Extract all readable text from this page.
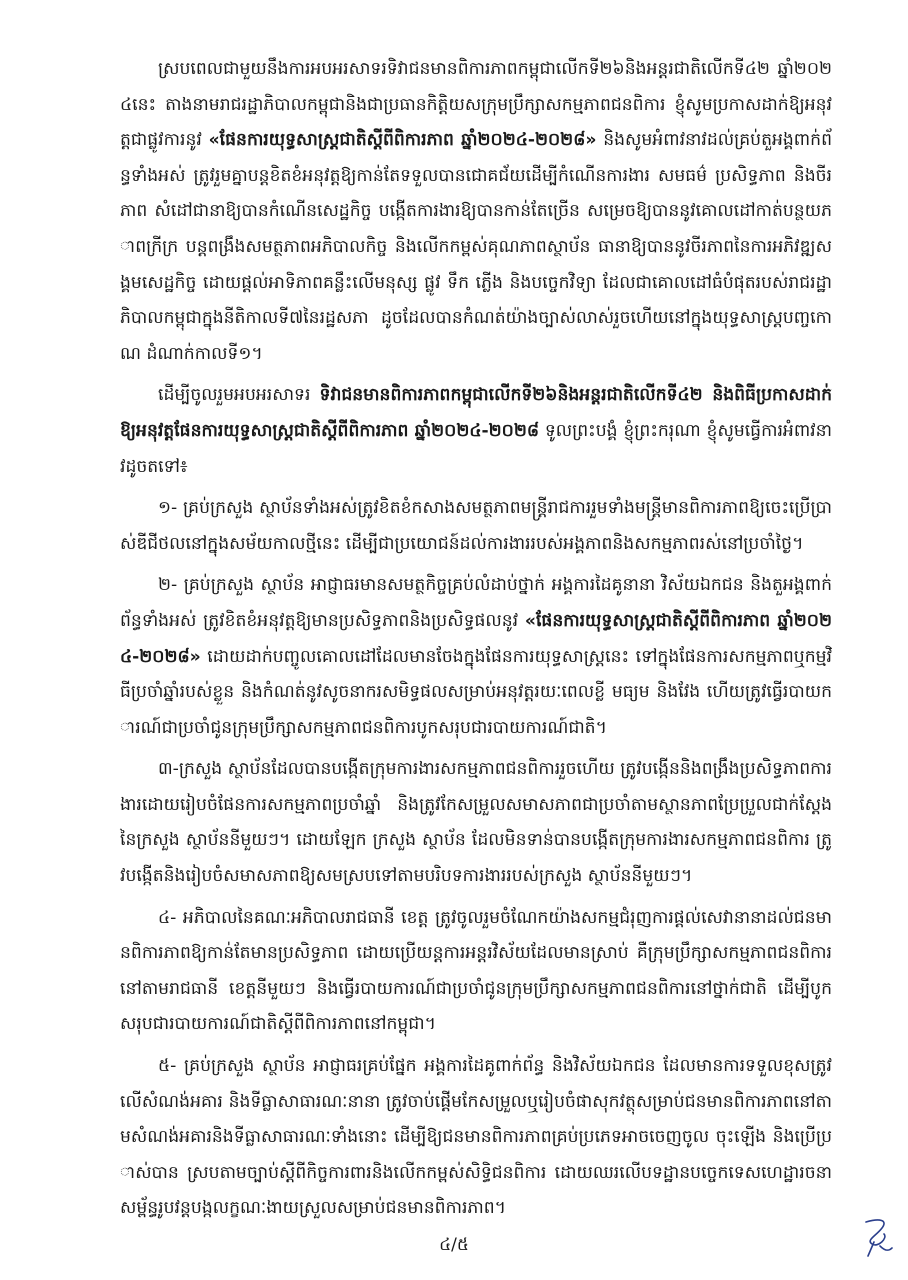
ស្របពេលជាមួយនឹងការអបអរសាទរទិវាជនមានពិការភាពកម្ពុជាលើកទី២៦និងអន្តរជាតិលើកទី៤២ ឆ្នាំ២០២៤នេះ តាងនាមរាជរដ្ឋាភិបាលកម្ពុជានិងជាប្រធានកិត្តិយសក្រុមប្រឹក្សាសកម្មភាពជនពិការ ខ្ញុំសូមប្រកាសដាក់ឱ្យអនុវត្តជាផ្លូវការនូវ «ផែនការយុទ្ធសាស្ត្រជាតិស្តីពីពិការភាព ឆ្នាំ២០២៤-២០២៨» និងសូមអំពាវនាវដល់គ្រប់តួអង្គពាក់ព័ន្ធទាំងអស់ ត្រូវរួមគ្នាបន្តខិតខំអនុវត្តឱ្យកាន់តែទទួលបានជោគជ័យដើម្បីកំណើនការងារ សមធម៌ ប្រសិទ្ធភាព និងចីរភាព សំដៅជានាឱ្យបានកំណើនសេដ្ឋកិច្ច បង្កើតការងារឱ្យបានកាន់តែច្រើន សម្រេចឱ្យបាននូវគោលដៅកាត់បន្ថយភាពក្រីក្រ បន្តពង្រឹងសមត្ថភាពអភិបាលកិច្ច និងលើកកម្ពស់គុណភាពស្ថាប័ន ធានាឱ្យបាននូវចីរភាពនៃការអភិវឌ្ឍសង្គមសេដ្ឋកិច្ច ដោយផ្តល់អាទិភាពគន្លឹះលើមនុស្ស ផ្លូវ ទឹក ភ្លើង និងបច្ចេកវិទ្យា ដែលជាគោលដៅធំបំផុតរបស់រាជរដ្ឋាភិបាលកម្ពុជាក្នុងនីតិកាលទី៧នៃរដ្ឋសភា ដូចដែលបានកំណត់យ៉ាងច្បាស់លាស់រួចហើយនៅក្នុងយុទ្ធសាស្ត្របញ្ចកោណ ដំណាក់កាលទី១។

ដើម្បីចូលរួមអបអរសាទរ ទិវាជនមានពិការភាពកម្ពុជាលើកទី២៦និងអន្តរជាតិលើកទី៤២ និងពិធីប្រកាសដាក់ឱ្យអនុវត្តផែនការយុទ្ធសាស្ត្រជាតិស្តីពីពិការភាព ឆ្នាំ២០២៤-២០២៨ ទូលព្រះបង្គំ ខ្ញុំព្រះករុណា ខ្ញុំសូមធ្វើការអំពាវនាវដូចតទៅ៖

១- គ្រប់ក្រសួង ស្ថាប័នទាំងអស់ត្រូវខិតខំកសាងសមត្ថភាពមន្ត្រីរាជការរួមទាំងមន្ត្រីមានពិការភាពឱ្យចេះប្រើប្រាស់ឌីជីថលនៅក្នុងសម័យកាលថ្មីនេះ ដើម្បីជាប្រយោជន៍ដល់ការងាររបស់អង្គភាពនិងសកម្មភាពរស់នៅប្រចាំថ្ងៃ។

២- គ្រប់ក្រសួង ស្ថាប័ន អាជ្ញាធរមានសមត្ថកិច្ចគ្រប់លំដាប់ថ្នាក់ អង្គការដៃគូនានា វិស័យឯកជន និងតួអង្គពាក់ព័ន្ធទាំងអស់ ត្រូវខិតខំអនុវត្តឱ្យមានប្រសិទ្ធភាពនិងប្រសិទ្ធផលនូវ «ផែនការយុទ្ធសាស្ត្រជាតិស្តីពីពិការភាព ឆ្នាំ២០២៤-២០២៨» ដោយដាក់បញ្ចូលគោលដៅដែលមានចែងក្នុងផែនការយុទ្ធសាស្ត្រនេះ ទៅក្នុងផែនការសកម្មភាពឬកម្មវិធីប្រចាំឆ្នាំរបស់ខ្លួន និងកំណត់នូវសូចនាករសមិទ្ធផលសម្រាប់អនុវត្តរយៈពេលខ្លី មធ្យម និងវែង ហើយត្រូវធ្វើរបាយការណ៍ជាប្រចាំជូនក្រុមប្រឹក្សាសកម្មភាពជនពិការបូកសរុបជារបាយការណ៍ជាតិ។

៣-ក្រសួង ស្ថាប័នដែលបានបង្កើតក្រុមការងារសកម្មភាពជនពិការរួចហើយ ត្រូវបង្កើននិងពង្រឹងប្រសិទ្ធភាពការងារដោយរៀបចំផែនការសកម្មភាពប្រចាំឆ្នាំ និងត្រូវកែសម្រួលសមាសភាពជាប្រចាំតាមស្ថានភាពប្រែប្រួលជាក់ស្តែងនៃក្រសួង ស្ថាប័ននីមួយៗ។ ដោយឡែក ក្រសួង ស្ថាប័ន ដែលមិនទាន់បានបង្កើតក្រុមការងារសកម្មភាពជនពិការ ត្រូវបង្កើតនិងរៀបចំសមាសភាពឱ្យសមស្របទៅតាមបរិបទការងាររបស់ក្រសួង ស្ថាប័ននីមួយៗ។

៤- អភិបាលនៃគណៈអភិបាលរាជធានី ខេត្ត ត្រូវចូលរួមចំណែកយ៉ាងសកម្មជំរុញការផ្តល់សេវានានាដល់ជនមានពិការភាពឱ្យកាន់តែមានប្រសិទ្ធភាព ដោយប្រើយន្តការអន្តរវិស័យដែលមានស្រាប់ គឺក្រុមប្រឹក្សាសកម្មភាពជនពិការនៅតាមរាជធានី ខេត្តនីមួយៗ និងធ្វើរបាយការណ៍ជាប្រចាំជូនក្រុមប្រឹក្សាសកម្មភាពជនពិការនៅថ្នាក់ជាតិ ដើម្បីបូកសរុបជារបាយការណ៍ជាតិស្តីពីពិការភាពនៅកម្ពុជា។

៥- គ្រប់ក្រសួង ស្ថាប័ន អាជ្ញាធរគ្រប់ផ្នែក អង្គការដៃគូពាក់ព័ន្ធ និងវិស័យឯកជន ដែលមានការទទួលខុសត្រូវលើសំណង់អគារ និងទីធ្លាសាធារណៈនានា ត្រូវចាប់ផ្តើមកែសម្រួលឬរៀបចំផាសុកវត្ថុសម្រាប់ជនមានពិការភាពនៅតាមសំណង់អគារនិងទីធ្លាសាធារណៈទាំងនោះ ដើម្បីឱ្យជនមានពិការភាពគ្រប់ប្រភេទអាចចេញចូល ចុះឡើង និងប្រើប្រាស់បាន ស្របតាមច្បាប់ស្តីពីកិច្ចការពារនិងលើកកម្ពស់សិទ្ធិជនពិការ ដោយឈរលើបទដ្ឋានបច្ចេកទេសហេដ្ឋារចនាសម្ព័ន្ធរូបវន្តបង្កលក្ខណៈងាយស្រួលសម្រាប់ជនមានពិការភាព។

៤/៥
